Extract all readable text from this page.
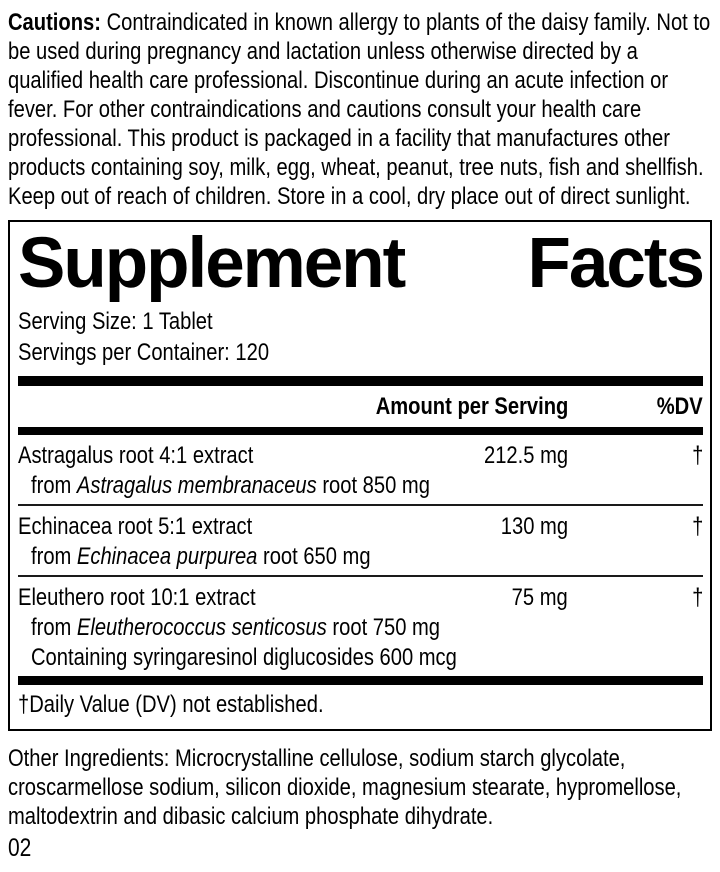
Cautions: Contraindicated in known allergy to plants of the daisy family. Not to be used during pregnancy and lactation unless otherwise directed by a qualified health care professional. Discontinue during an acute infection or fever. For other contraindications and cautions consult your health care professional. This product is packaged in a facility that manufactures other products containing soy, milk, egg, wheat, peanut, tree nuts, fish and shellfish. Keep out of reach of children. Store in a cool, dry place out of direct sunlight.

Supplement Facts
Serving Size: 1 Tablet
Servings per Container: 120
Amount per Serving	%DV
Astragalus root 4:1 extract	212.5 mg	†
from Astragalus membranaceus root 850 mg
Echinacea root 5:1 extract	130 mg	†
from Echinacea purpurea root 650 mg
Eleuthero root 10:1 extract	75 mg	†
from Eleutherococcus senticosus root 750 mg
Containing syringaresinol diglucosides 600 mcg
†Daily Value (DV) not established.

Other Ingredients: Microcrystalline cellulose, sodium starch glycolate, croscarmellose sodium, silicon dioxide, magnesium stearate, hypromellose, maltodextrin and dibasic calcium phosphate dihydrate.

02
